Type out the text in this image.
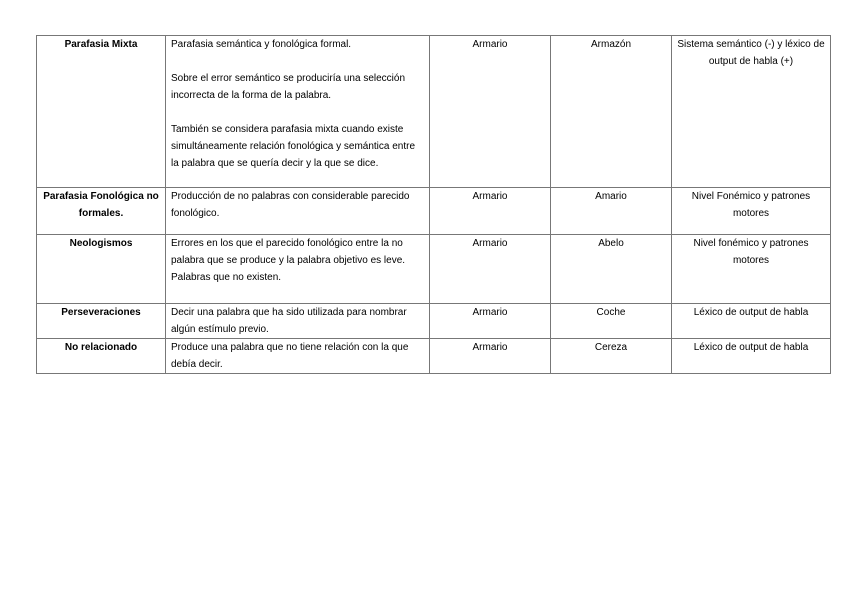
Parafasia Mixta	Parafasia semántica y fonológica formal.
Sobre el error semántico se produciría una selección incorrecta de la forma de la palabra.
También se considera parafasia mixta cuando existe simultáneamente relación fonológica y semántica entre la palabra que se quería decir y la que se dice.	Armario	Armazón	Sistema semántico (-) y léxico de output de habla (+)
Parafasia Fonológica no formales.	Producción de no palabras con considerable parecido fonológico.	Armario	Amario	Nivel Fonémico y patrones motores
Neologismos	Errores en los que el parecido fonológico entre la no palabra que se produce y la palabra objetivo es leve.
Palabras que no existen.	Armario	Abelo	Nivel fonémico y patrones motores
Perseveraciones	Decir una palabra que ha sido utilizada para nombrar algún estímulo previo.	Armario	Coche	Léxico de output de habla
No relacionado	Produce una palabra que no tiene relación con la que debía decir.	Armario	Cereza	Léxico de output de habla
